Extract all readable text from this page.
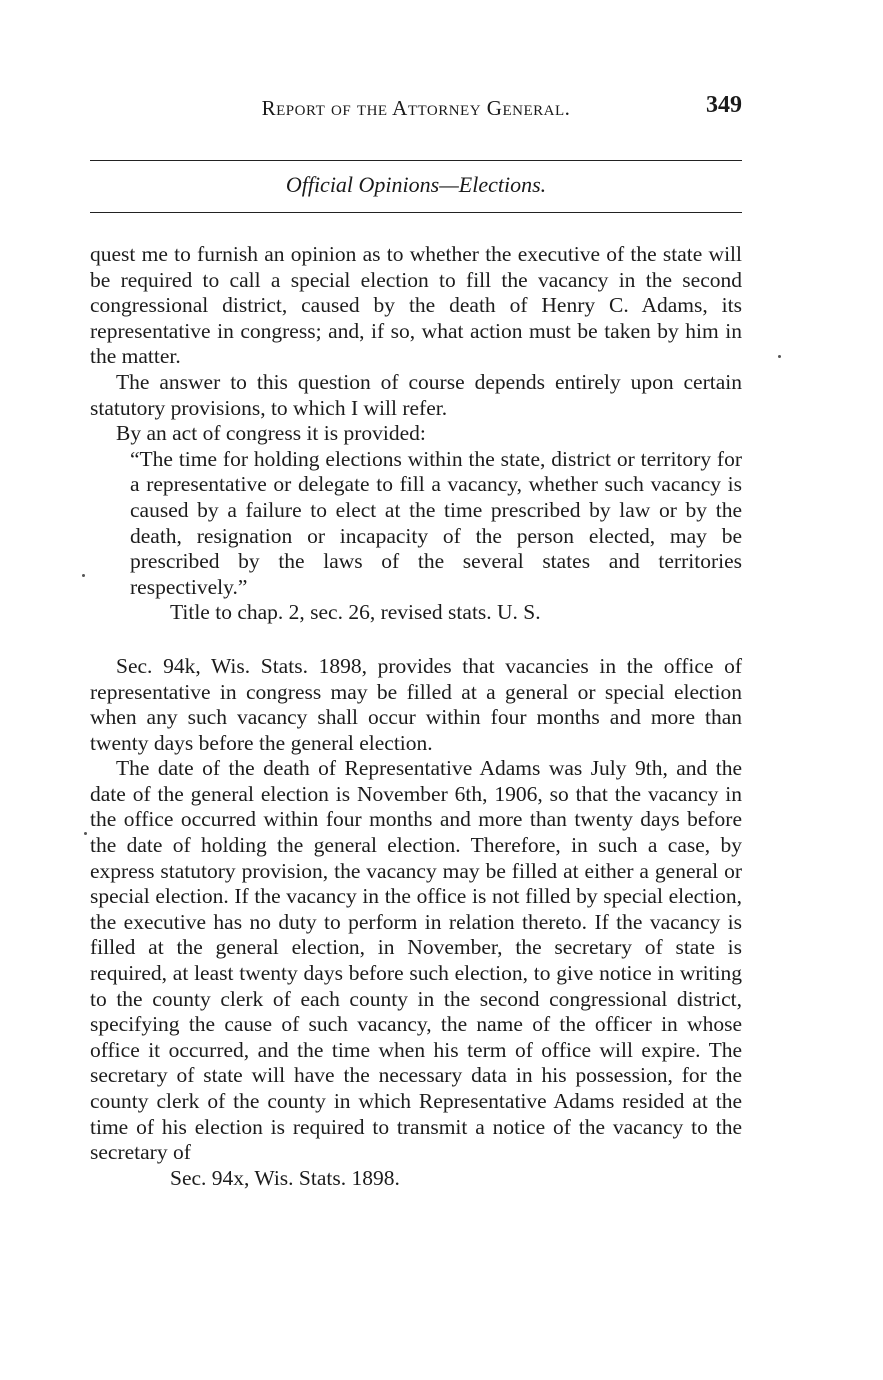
Report of the Attorney General.	349
Official Opinions—Elections.

quest me to furnish an opinion as to whether the executive of the state will be required to call a special election to fill the vacancy in the second congressional district, caused by the death of Henry C. Adams, its representative in congress; and, if so, what action must be taken by him in the matter.

The answer to this question of course depends entirely upon certain statutory provisions, to which I will refer.

By an act of congress it is provided:

“The time for holding elections within the state, district or territory for a representative or delegate to fill a vacancy, whether such vacancy is caused by a failure to elect at the time prescribed by law or by the death, resignation or incapacity of the person elected, may be prescribed by the laws of the several states and territories respectively.”

Title to chap. 2, sec. 26, revised stats. U. S.

Sec. 94k, Wis. Stats. 1898, provides that vacancies in the office of representative in congress may be filled at a general or special election when any such vacancy shall occur within four months and more than twenty days before the general election.

The date of the death of Representative Adams was July 9th, and the date of the general election is November 6th, 1906, so that the vacancy in the office occurred within four months and more than twenty days before the date of holding the general election. Therefore, in such a case, by express statutory provision, the vacancy may be filled at either a general or special election. If the vacancy in the office is not filled by special election, the executive has no duty to perform in relation thereto. If the vacancy is filled at the general election, in November, the secretary of state is required, at least twenty days before such election, to give notice in writing to the county clerk of each county in the second congressional district, specifying the cause of such vacancy, the name of the officer in whose office it occurred, and the time when his term of office will expire. The secretary of state will have the necessary data in his possession, for the county clerk of the county in which Representative Adams resided at the time of his election is required to transmit a notice of the vacancy to the secretary of

Sec. 94x, Wis. Stats. 1898.
